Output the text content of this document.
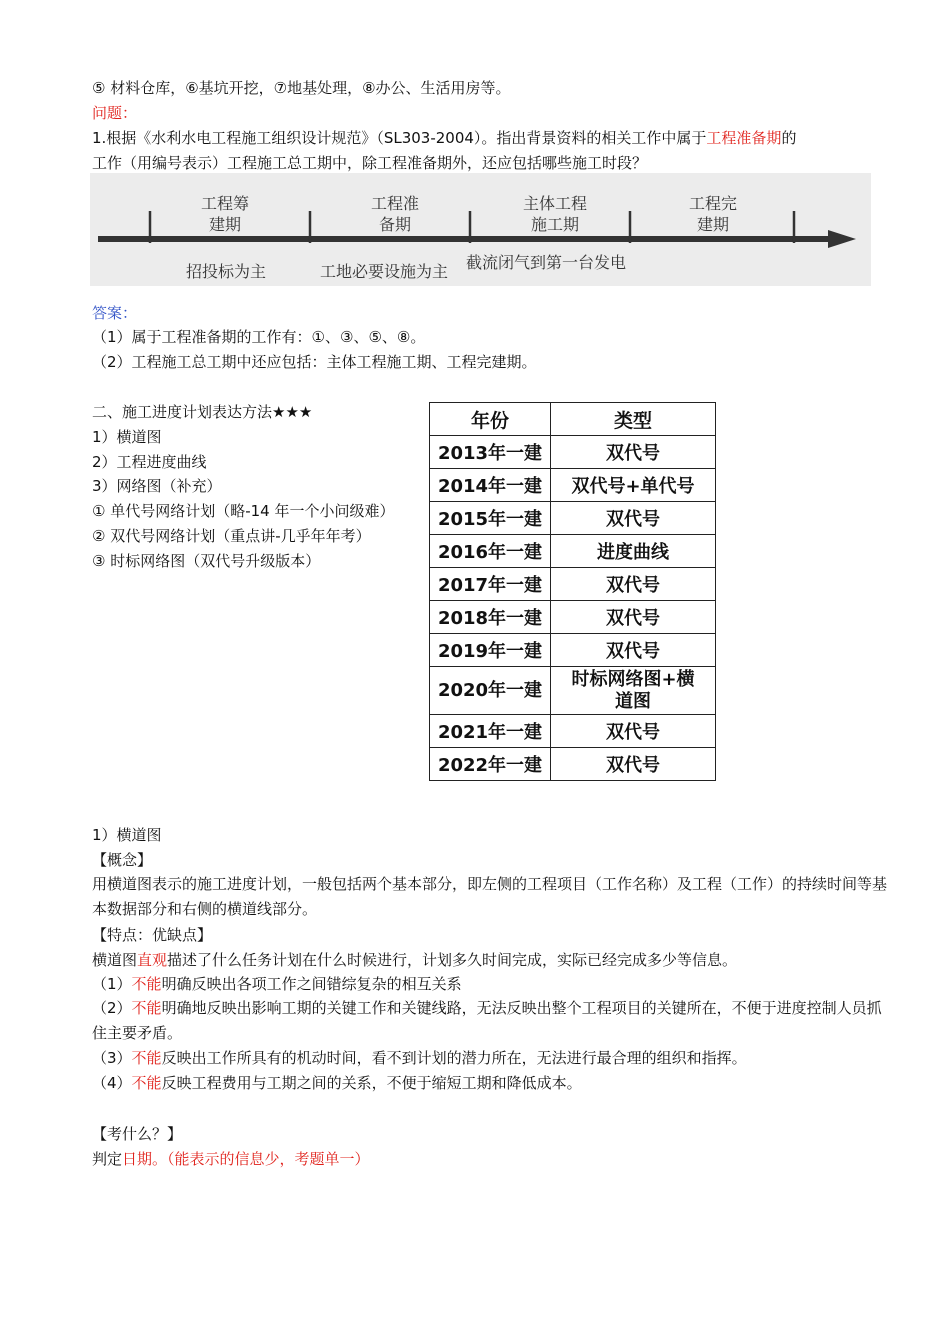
⑤ 材料仓库，⑥基坑开挖，⑦地基处理，⑧办公、生活用房等。
问题：
1.根据《水利水电工程施工组织设计规范》（SL303-2004）。指出背景资料的相关工作中属于工程准备期的
工作（用编号表示）工程施工总工期中，除工程准备期外，还应包括哪些施工时段？
工程筹
建期
工程准
备期
主体工程
施工期
工程完
建期
招投标为主	工地必要设施为主 截流闭气到第一台发电
答案：
（1）属于工程准备期的工作有：①、③、⑤、⑧。
（2）工程施工总工期中还应包括：主体工程施工期、工程完建期。
二、施工进度计划表达方法★★★
1）横道图
2）工程进度曲线
3）网络图（补充）
① 单代号网络计划（略-14 年一个小问级难）
② 双代号网络计划（重点讲-几乎年年考）
③ 时标网络图（双代号升级版本）
年份	类型
2013年一建	双代号
2014年一建	双代号+单代号
2015年一建	双代号
2016年一建	进度曲线
2017年一建	双代号
2018年一建	双代号
2019年一建	双代号
2020年一建	时标网络图+横
道图

2021年一建	双代号
2022年一建	双代号
1）横道图
【概念】
用横道图表示的施工进度计划，一般包括两个基本部分，即左侧的工程项目（工作名称）及工程（工作）的持续时间等基本数据部分和右侧的横道线部分。
【特点：优缺点】
横道图直观描述了什么任务计划在什么时候进行，计划多久时间完成，实际已经完成多少等信息。
（1）不能明确反映出各项工作之间错综复杂的相互关系
（2）不能明确地反映出影响工期的关键工作和关键线路，无法反映出整个工程项目的关键所在，不便于进度控制人员抓住主要矛盾。
（3）不能反映出工作所具有的机动时间，看不到计划的潜力所在，无法进行最合理的组织和指挥。
（4）不能反映工程费用与工期之间的关系，不便于缩短工期和降低成本。
【考什么？】
判定日期。（能表示的信息少，考题单一）
